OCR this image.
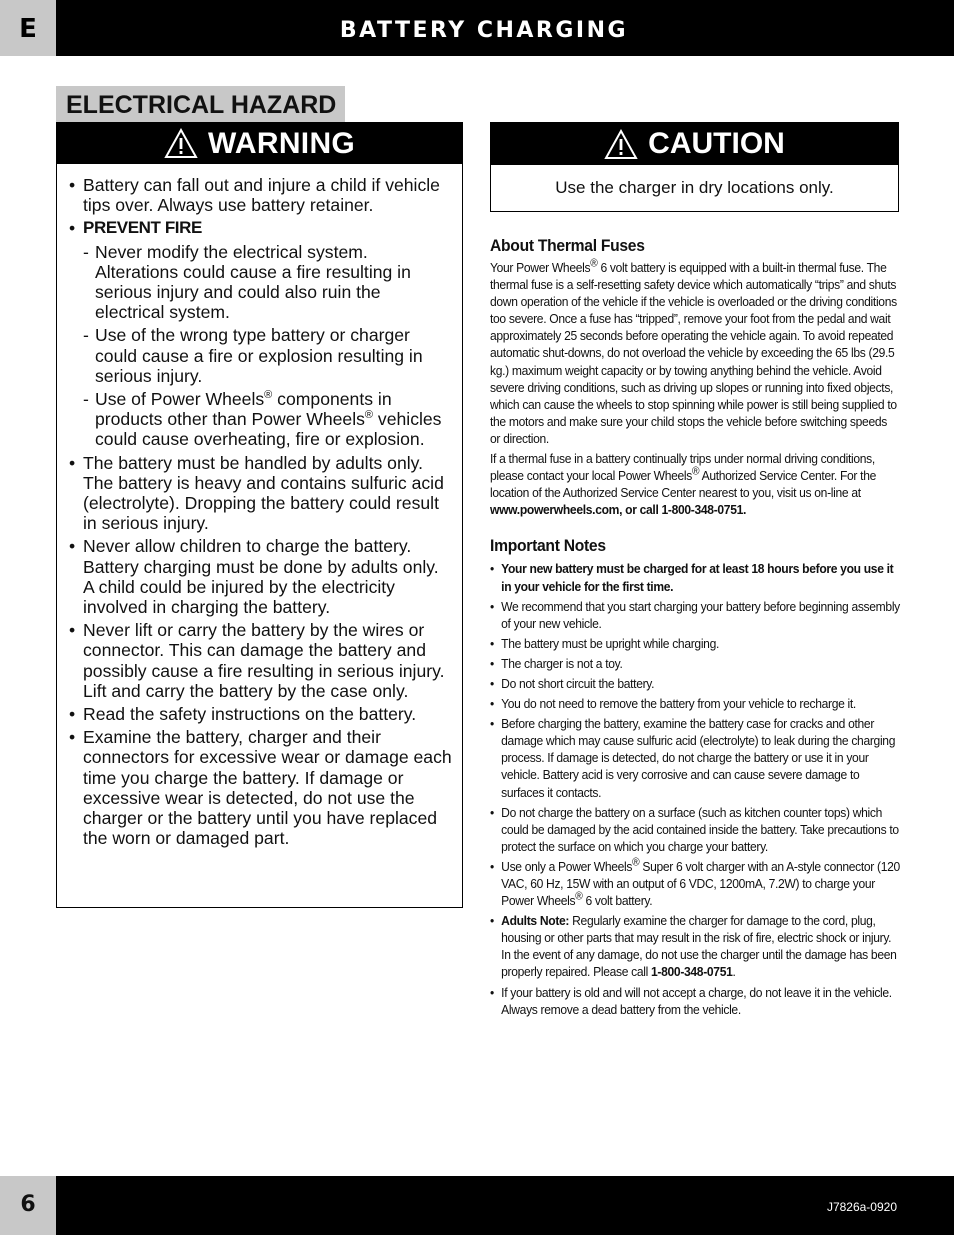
E	BATTERY CHARGING
ELECTRICAL HAZARD
WARNING
• Battery can fall out and injure a child if vehicle tips over. Always use battery retainer.
• PREVENT FIRE
- Never modify the electrical system. Alterations could cause a fire resulting in serious injury and could also ruin the electrical system.
- Use of the wrong type battery or charger could cause a fire or explosion resulting in serious injury.
- Use of Power Wheels® components in products other than Power Wheels® vehicles could cause overheating, fire or explosion.
• The battery must be handled by adults only. The battery is heavy and contains sulfuric acid (electrolyte). Dropping the battery could result in serious injury.
• Never allow children to charge the battery. Battery charging must be done by adults only. A child could be injured by the electricity involved in charging the battery.
• Never lift or carry the battery by the wires or connector. This can damage the battery and possibly cause a fire resulting in serious injury. Lift and carry the battery by the case only.
• Read the safety instructions on the battery.
• Examine the battery, charger and their connectors for excessive wear or damage each time you charge the battery. If damage or excessive wear is detected, do not use the charger or the battery until you have replaced the worn or damaged part.
CAUTION
Use the charger in dry locations only.
About Thermal Fuses
Your Power Wheels® 6 volt battery is equipped with a built-in thermal fuse. The thermal fuse is a self-resetting safety device which automatically “trips” and shuts down operation of the vehicle if the vehicle is overloaded or the driving conditions too severe. Once a fuse has “tripped”, remove your foot from the pedal and wait approximately 25 seconds before operating the vehicle again. To avoid repeated automatic shut-downs, do not overload the vehicle by exceeding the 65 lbs (29.5 kg.) maximum weight capacity or by towing anything behind the vehicle. Avoid severe driving conditions, such as driving up slopes or running into fixed objects, which can cause the wheels to stop spinning while power is still being supplied to the motors and make sure your child stops the vehicle before switching speeds or direction.
If a thermal fuse in a battery continually trips under normal driving conditions, please contact your local Power Wheels® Authorized Service Center. For the location of the Authorized Service Center nearest to you, visit us on-line at www.powerwheels.com, or call 1-800-348-0751.
Important Notes
• Your new battery must be charged for at least 18 hours before you use it in your vehicle for the first time.
• We recommend that you start charging your battery before beginning assembly of your new vehicle.
• The battery must be upright while charging.
• The charger is not a toy.
• Do not short circuit the battery.
• You do not need to remove the battery from your vehicle to recharge it.
• Before charging the battery, examine the battery case for cracks and other damage which may cause sulfuric acid (electrolyte) to leak during the charging process. If damage is detected, do not charge the battery or use it in your vehicle. Battery acid is very corrosive and can cause severe damage to surfaces it contacts.
• Do not charge the battery on a surface (such as kitchen counter tops) which could be damaged by the acid contained inside the battery. Take precautions to protect the surface on which you charge your battery.
• Use only a Power Wheels® Super 6 volt charger with an A-style connector (120 VAC, 60 Hz, 15W with an output of 6 VDC, 1200mA, 7.2W) to charge your Power Wheels® 6 volt battery.
• Adults Note: Regularly examine the charger for damage to the cord, plug, housing or other parts that may result in the risk of fire, electric shock or injury. In the event of any damage, do not use the charger until the damage has been properly repaired. Please call 1-800-348-0751.
• If your battery is old and will not accept a charge, do not leave it in the vehicle. Always remove a dead battery from the vehicle.
6	J7826a-0920
